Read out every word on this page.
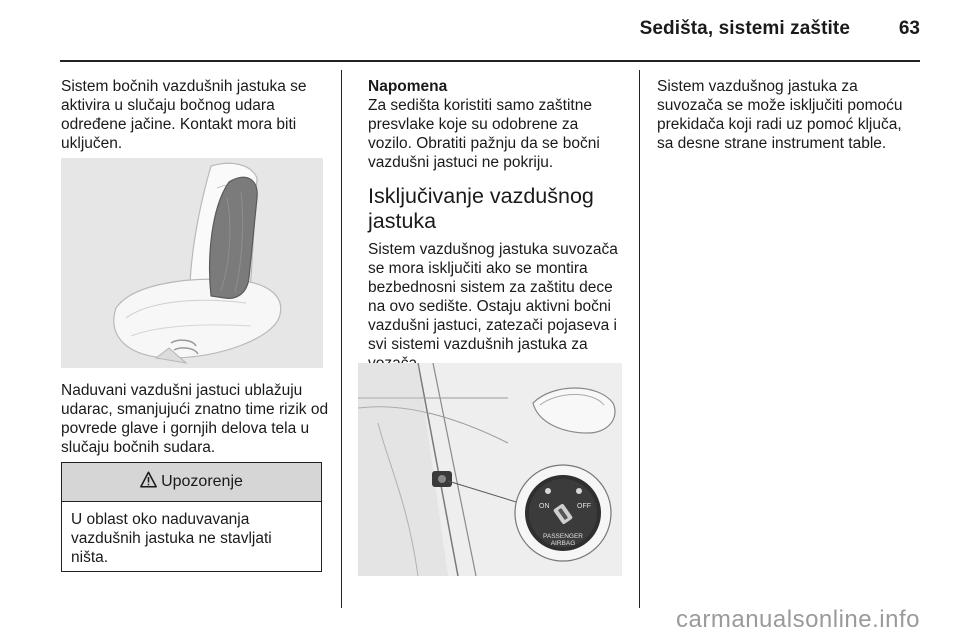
Sedišta, sistemi zaštite	63

Sistem bočnih vazdušnih jastuka se aktivira u slučaju bočnog udara određene jačine. Kontakt mora biti uključen.

Naduvani vazdušni jastuci ublažuju udarac, smanjujući znatno time rizik od povrede glave i gornjih delova tela u slučaju bočnih sudara.
Upozorenje
U oblast oko naduvavanja vazdušnih jastuka ne stavljati ništa.

Napomena

Za sedišta koristiti samo zaštitne presvlake koje su odobrene za vozilo. Obratiti pažnju da se bočni vazdušni jastuci ne pokriju.

Isključivanje vazdušnog jastuka

Sistem vazdušnog jastuka suvozača se mora isključiti ako se montira bezbednosni sistem za zaštitu dece na ovo sedište. Ostaju aktivni bočni vazdušni jastuci, zatezači pojaseva i svi sistemi vazdušnih jastuka za

ON	OFF
PASSENGER
AIRBAG

Sistem vazdušnog jastuka za suvozača se može isključiti pomoću prekidača koji radi uz pomoć ključa, sa desne strane instrument table.

carmanualsonline.info
